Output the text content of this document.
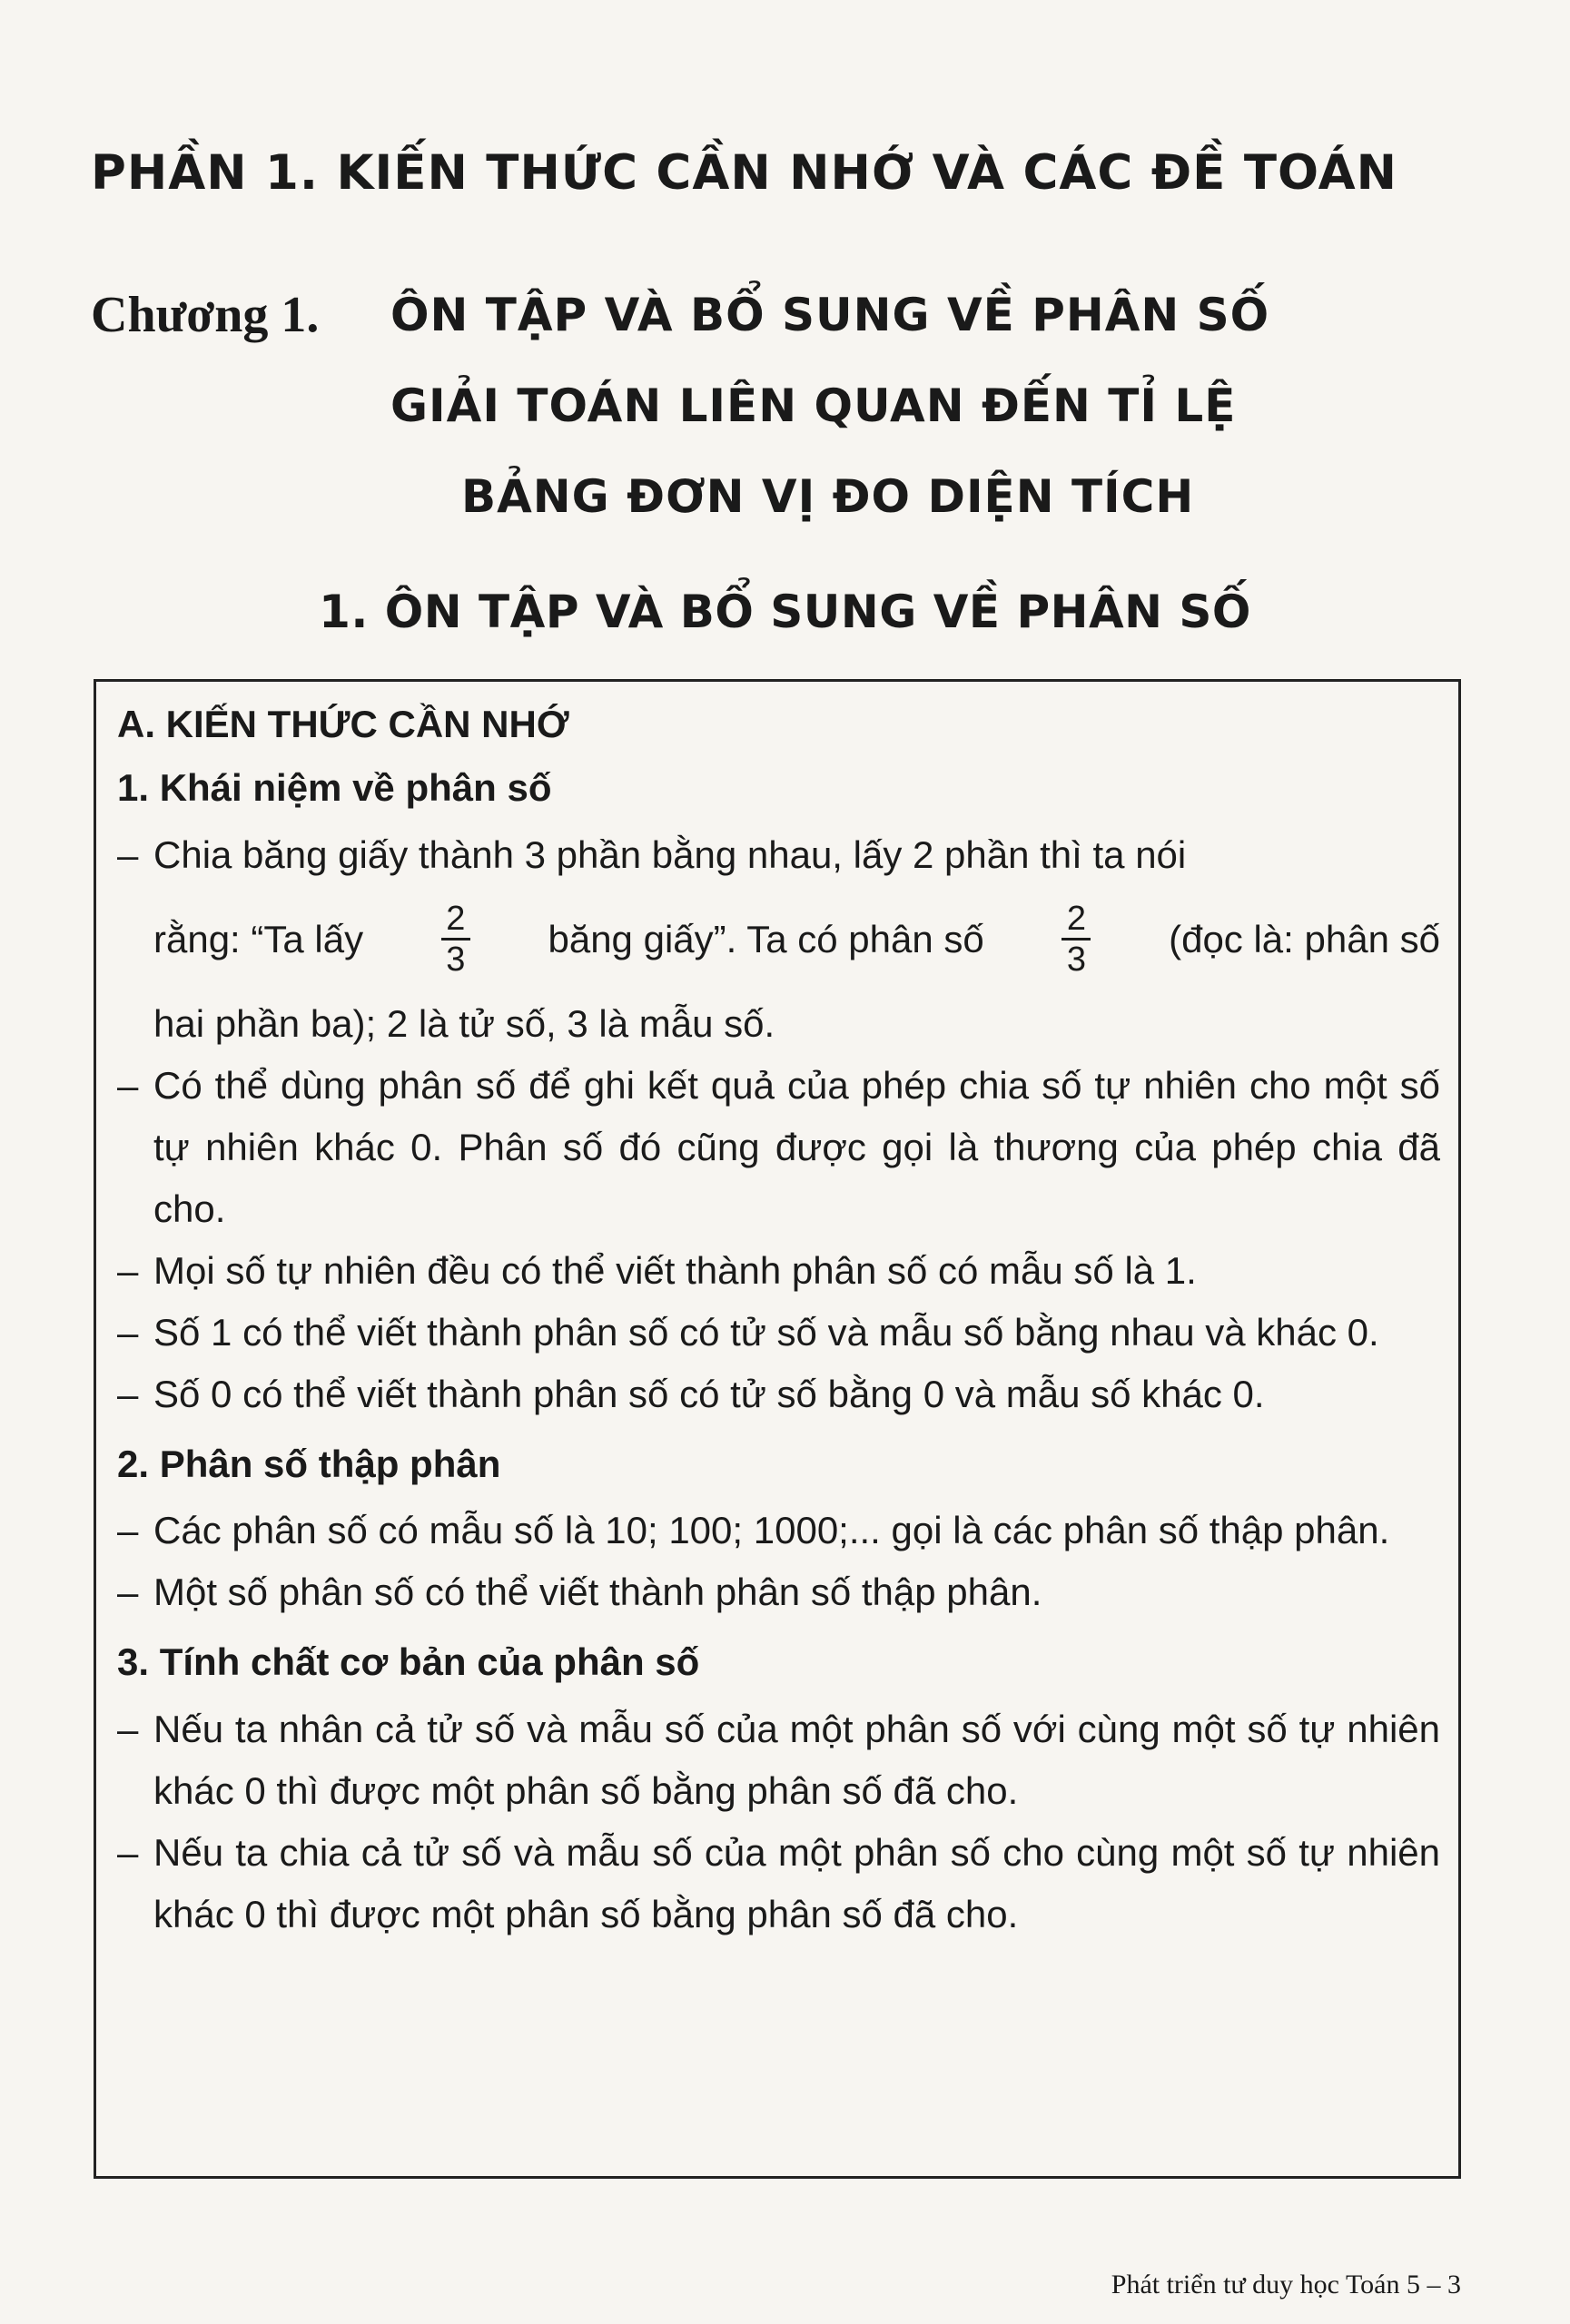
PHẦN 1. KIẾN THỨC CẦN NHỚ VÀ CÁC ĐỀ TOÁN
Chương 1. ÔN TẬP VÀ BỔ SUNG VỀ PHÂN SỐ
GIẢI TOÁN LIÊN QUAN ĐẾN TỈ LỆ
BẢNG ĐƠN VỊ ĐO DIỆN TÍCH
1. ÔN TẬP VÀ BỔ SUNG VỀ PHÂN SỐ

A. KIẾN THỨC CẦN NHỚ

1. Khái niệm về phân số

– Chia băng giấy thành 3 phần bằng nhau, lấy 2 phần thì ta nói
rằng: “Ta lấy $\frac{2}{3}$ băng giấy”. Ta có phân số $\frac{2}{3}$ (đọc là: phân số
hai phần ba); 2 là tử số, 3 là mẫu số.
– Có thể dùng phân số để ghi kết quả của phép chia số tự nhiên cho một số tự nhiên khác 0. Phân số đó cũng được gọi là thương của phép chia đã cho.
– Mọi số tự nhiên đều có thể viết thành phân số có mẫu số là 1.
– Số 1 có thể viết thành phân số có tử số và mẫu số bằng nhau và khác 0.
– Số 0 có thể viết thành phân số có tử số bằng 0 và mẫu số khác 0.

2. Phân số thập phân

– Các phân số có mẫu số là 10; 100; 1000;... gọi là các phân số thập phân.
– Một số phân số có thể viết thành phân số thập phân.

3. Tính chất cơ bản của phân số

– Nếu ta nhân cả tử số và mẫu số của một phân số với cùng một số tự nhiên khác 0 thì được một phân số bằng phân số đã cho.
– Nếu ta chia cả tử số và mẫu số của một phân số cho cùng một số tự nhiên khác 0 thì được một phân số bằng phân số đã cho.
Phát triển tư duy học Toán 5 – 3
